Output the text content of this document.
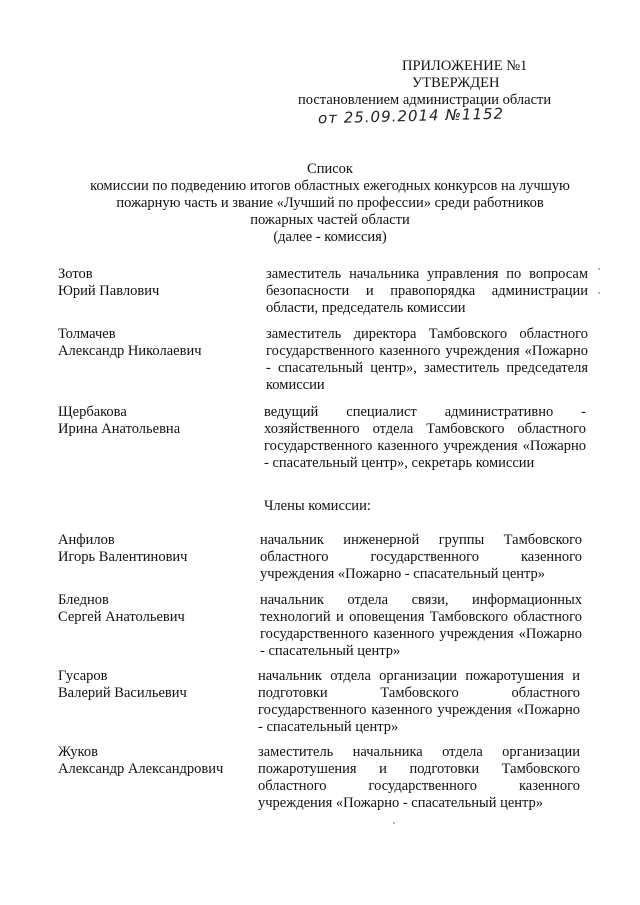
ПРИЛОЖЕНИЕ №1
УТВЕРЖДЕН
постановлением администрации области
от 25.09.2014 №1152
Список
комиссии по подведению итогов областных ежегодных конкурсов на лучшую
пожарную часть и звание «Лучший по профессии» среди работников
пожарных частей области
(далее - комиссия)
Зотов
Юрий Павлович
заместитель начальника управления по вопросам безопасности и правопорядка администрации области, председатель комиссии
Толмачев
Александр Николаевич
заместитель директора Тамбовского областного государственного казенного учреждения «Пожарно - спасательный центр», заместитель председателя комиссии
Щербакова
Ирина Анатольевна
ведущий специалист административно - хозяйственного отдела Тамбовского областного государственного казенного учреждения «Пожарно - спасательный центр», секретарь комиссии
Члены комиссии:
Анфилов
Игорь Валентинович
начальник инженерной группы Тамбовского областного государственного казенного учреждения «Пожарно - спасательный центр»
Бледнов
Сергей Анатольевич
начальник отдела связи, информационных технологий и оповещения Тамбовского областного государственного казенного учреждения «Пожарно - спасательный центр»
Гусаров
Валерий Васильевич
начальник отдела организации пожаротушения и подготовки Тамбовского областного государственного казенного учреждения «Пожарно - спасательный центр»
Жуков
Александр Александрович
заместитель начальника отдела организации пожаротушения и подготовки Тамбовского областного государственного казенного учреждения «Пожарно - спасательный центр»
